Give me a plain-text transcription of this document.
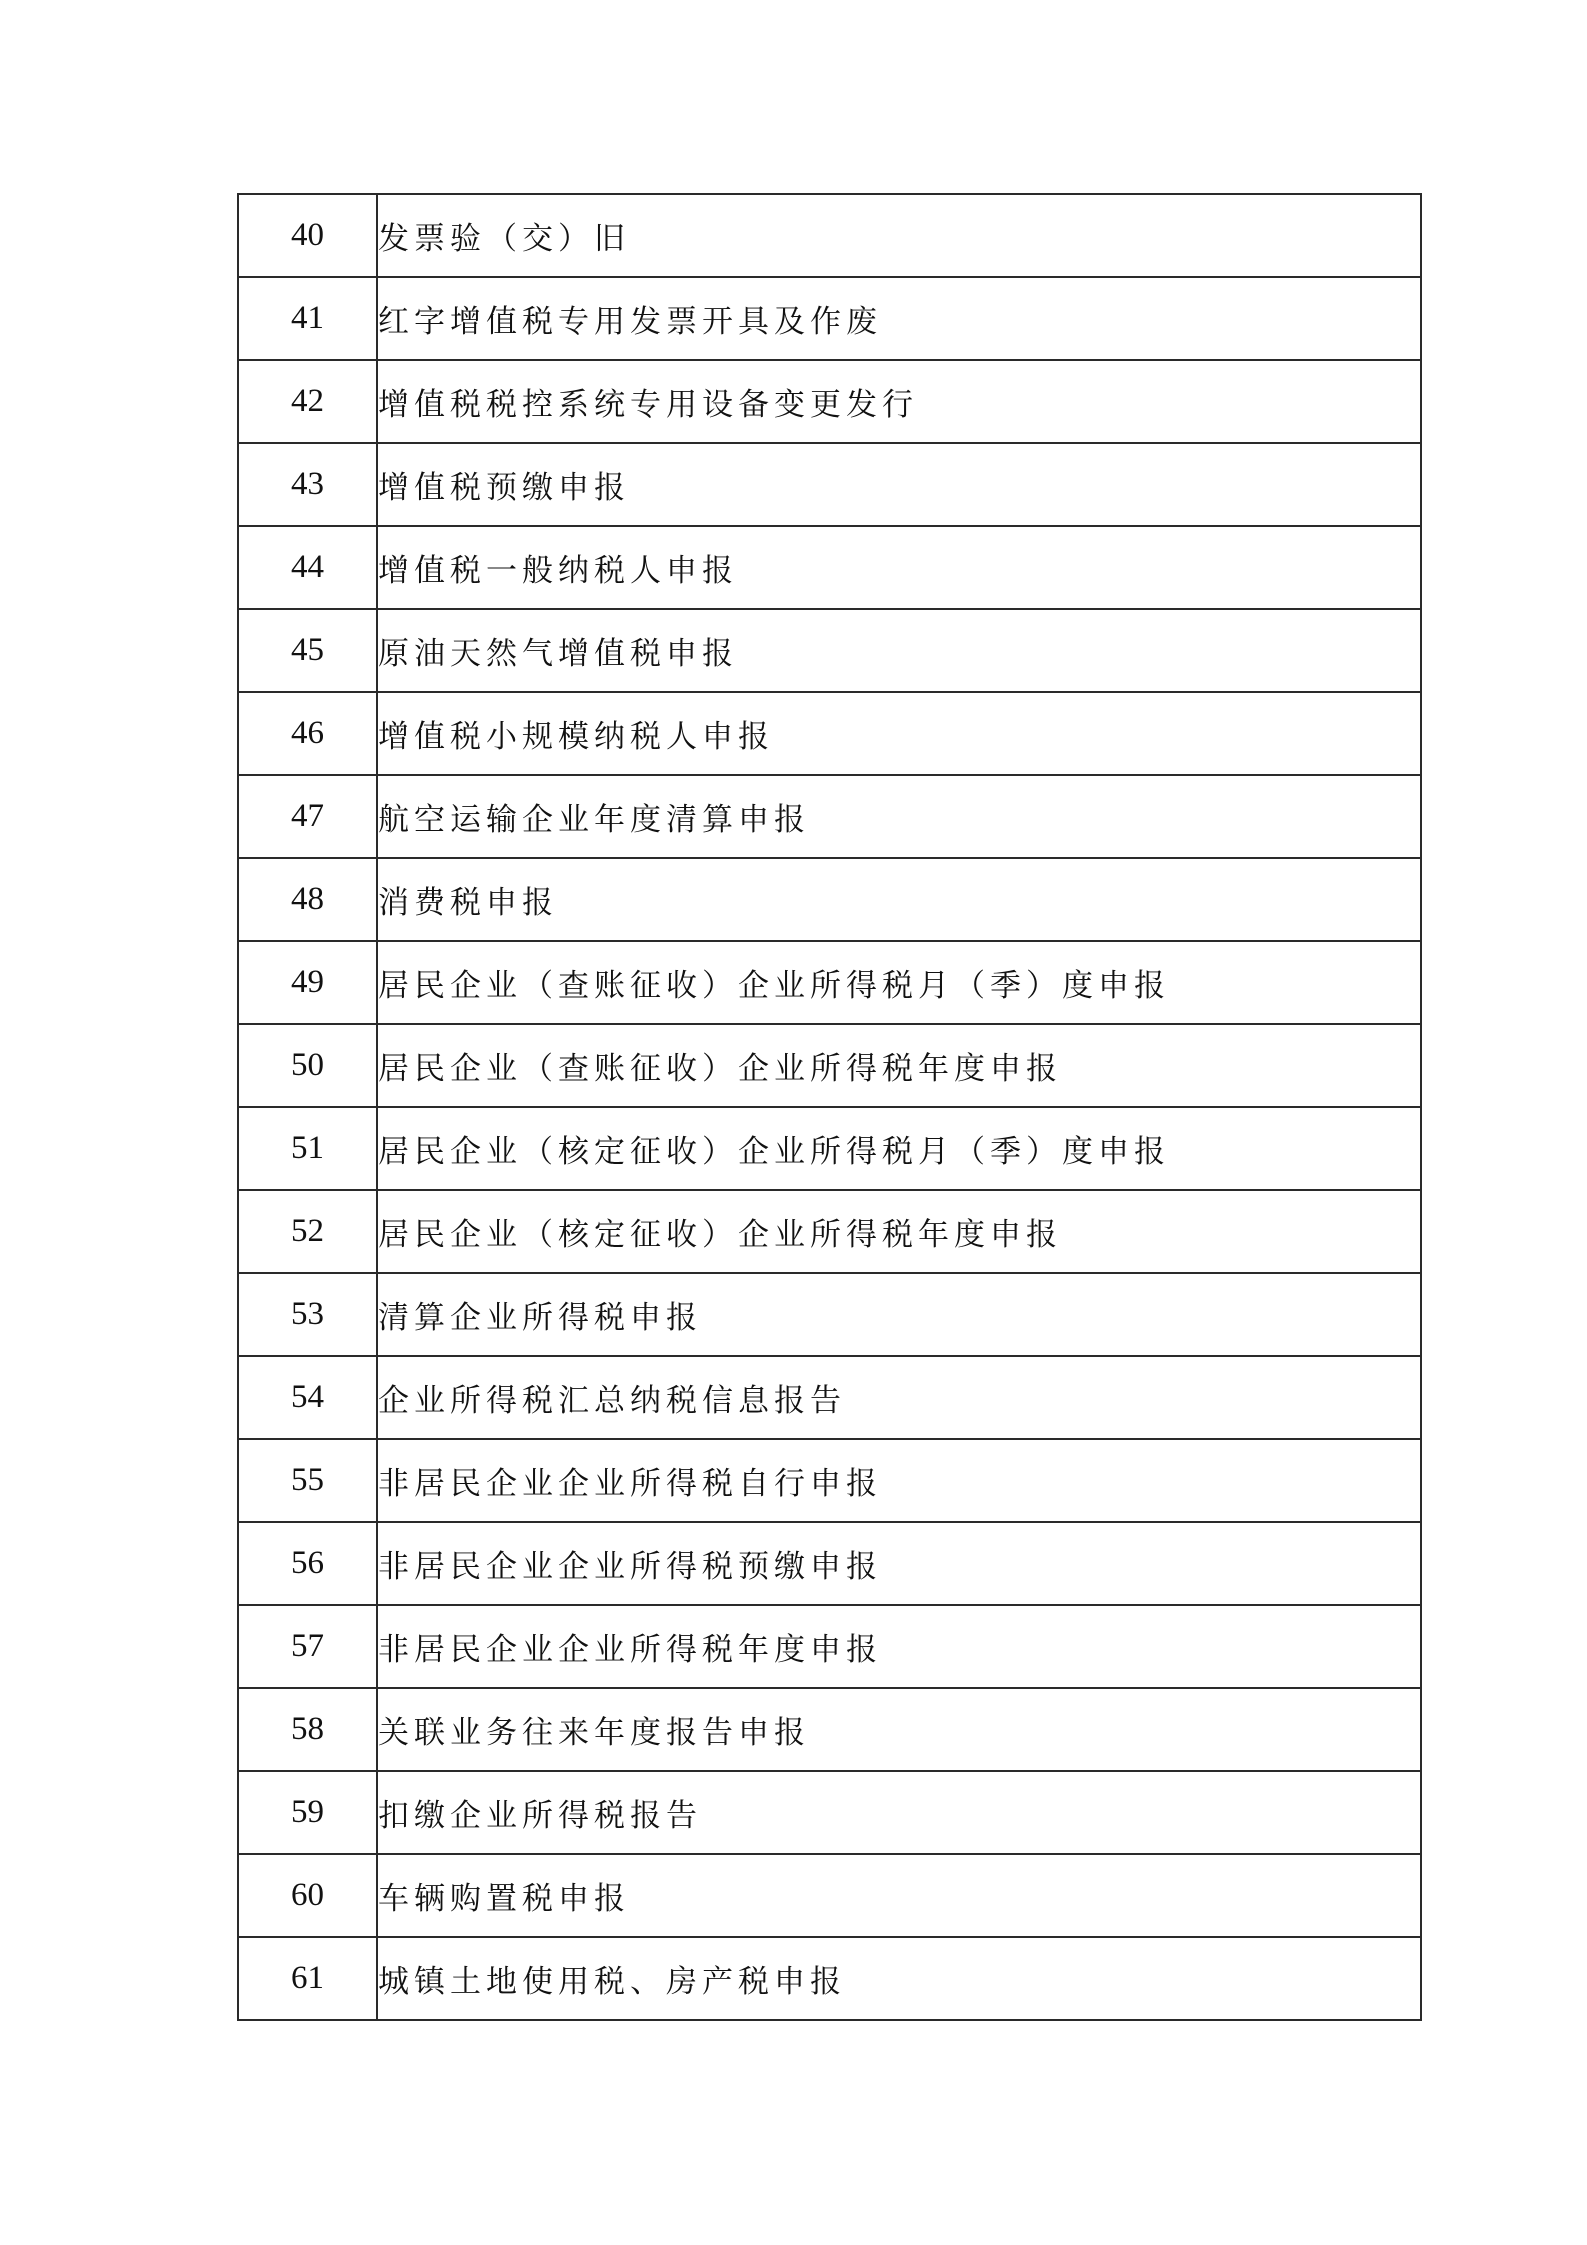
40	发票验（交）旧
41	红字增值税专用发票开具及作废
42	增值税税控系统专用设备变更发行
43	增值税预缴申报
44	增值税一般纳税人申报
45	原油天然气增值税申报
46	增值税小规模纳税人申报
47	航空运输企业年度清算申报
48	消费税申报
49	居民企业（查账征收）企业所得税月（季）度申报
50	居民企业（查账征收）企业所得税年度申报
51	居民企业（核定征收）企业所得税月（季）度申报
52	居民企业（核定征收）企业所得税年度申报
53	清算企业所得税申报
54	企业所得税汇总纳税信息报告
55	非居民企业企业所得税自行申报
56	非居民企业企业所得税预缴申报
57	非居民企业企业所得税年度申报
58	关联业务往来年度报告申报
59	扣缴企业所得税报告
60	车辆购置税申报
61	城镇土地使用税、房产税申报
